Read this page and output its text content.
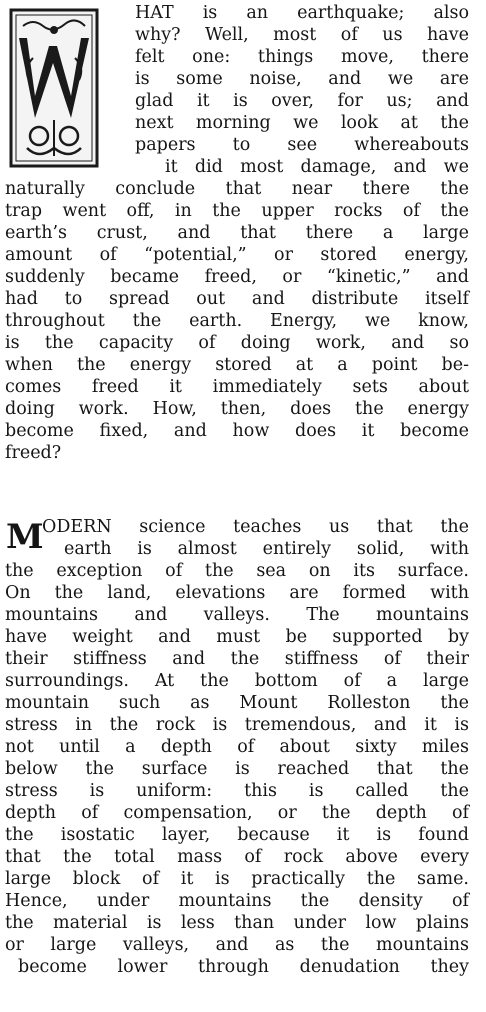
HAT is an earthquake; also
why? Well, most of us have
felt one: things move, there
is some noise, and we are
glad it is over, for us; and
next morning we look at the
papers to see whereabouts
it did most damage, and we
naturally conclude that near there the
trap went off, in the upper rocks of the
earth’s crust, and that there a large
amount of “potential,” or stored energy,
suddenly became freed, or “kinetic,” and
had to spread out and distribute itself
throughout the earth. Energy, we know,
is the capacity of doing work, and so
when the energy stored at a point be-
comes freed it immediately sets about
doing work. How, then, does the energy
become fixed, and how does it become
freed?
M ODERN science teaches us that the
earth is almost entirely solid, with
the exception of the sea on its surface.
On the land, elevations are formed with
mountains and valleys. The mountains
have weight and must be supported by
their stiffness and the stiffness of their
surroundings. At the bottom of a large
mountain such as Mount Rolleston the
stress in the rock is tremendous, and it is
not until a depth of about sixty miles
below the surface is reached that the
stress is uniform: this is called the
depth of compensation, or the depth of
the isostatic layer, because it is found
that the total mass of rock above every
large block of it is practically the same.
Hence, under mountains the density of
the material is less than under low plains
or large valleys, and as the mountains
become lower through denudation they
